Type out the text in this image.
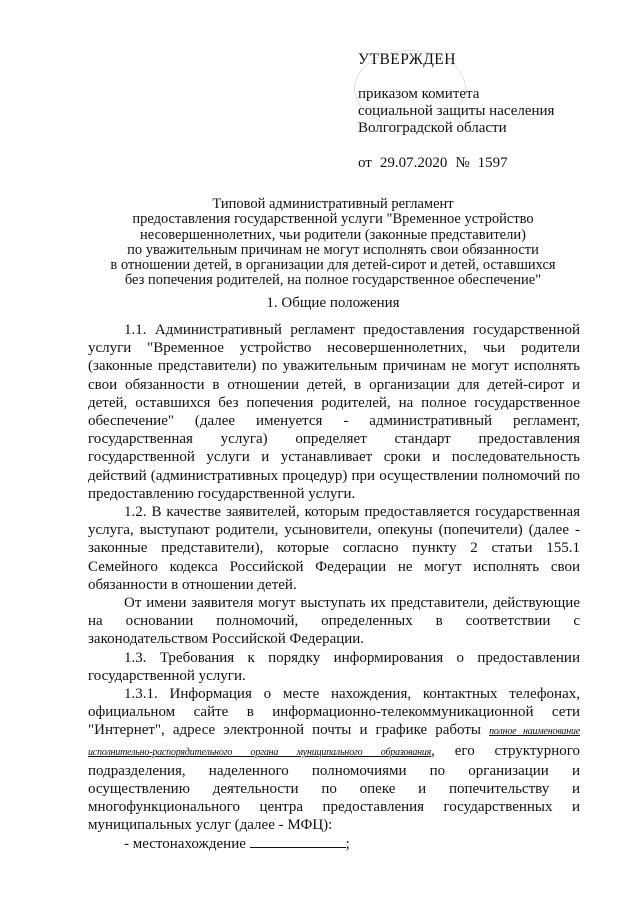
УТВЕРЖДЕН
приказом комитета
социальной защиты населения
Волгоградской области
от 29.07.2020 № 1597
Типовой административный регламент
предоставления государственной услуги "Временное устройство
несовершеннолетних, чьи родители (законные представители)
по уважительным причинам не могут исполнять свои обязанности
в отношении детей, в организации для детей-сирот и детей, оставшихся
без попечения родителей, на полное государственное обеспечение"
1. Общие положения

1.1. Административный регламент предоставления государственной услуги "Временное устройство несовершеннолетних, чьи родители (законные представители) по уважительным причинам не могут исполнять свои обязанности в отношении детей, в организации для детей-сирот и детей, оставшихся без попечения родителей, на полное государственное обеспечение" (далее именуется - административный регламент, государственная услуга) определяет стандарт предоставления государственной услуги и устанавливает сроки и последовательность действий (административных процедур) при осуществлении полномочий по предоставлению государственной услуги.

1.2. В качестве заявителей, которым предоставляется государственная услуга, выступают родители, усыновители, опекуны (попечители) (далее - законные представители), которые согласно пункту 2 статьи 155.1 Семейного кодекса Российской Федерации не могут исполнять свои обязанности в отношении детей.

От имени заявителя могут выступать их представители, действующие на основании полномочий, определенных в соответствии с законодательством Российской Федерации.

1.3. Требования к порядку информирования о предоставлении государственной услуги.

1.3.1. Информация о месте нахождения, контактных телефонах, официальном сайте в информационно-телекоммуникационной сети "Интернет", адресе электронной почты и графике работы полное наименование исполнительно-распорядительного органа муниципального образования, его структурного подразделения, наделенного полномочиями по организации и осуществлению деятельности по опеке и попечительству и многофункционального центра предоставления государственных и муниципальных услуг (далее - МФЦ):

- местонахождение	;
